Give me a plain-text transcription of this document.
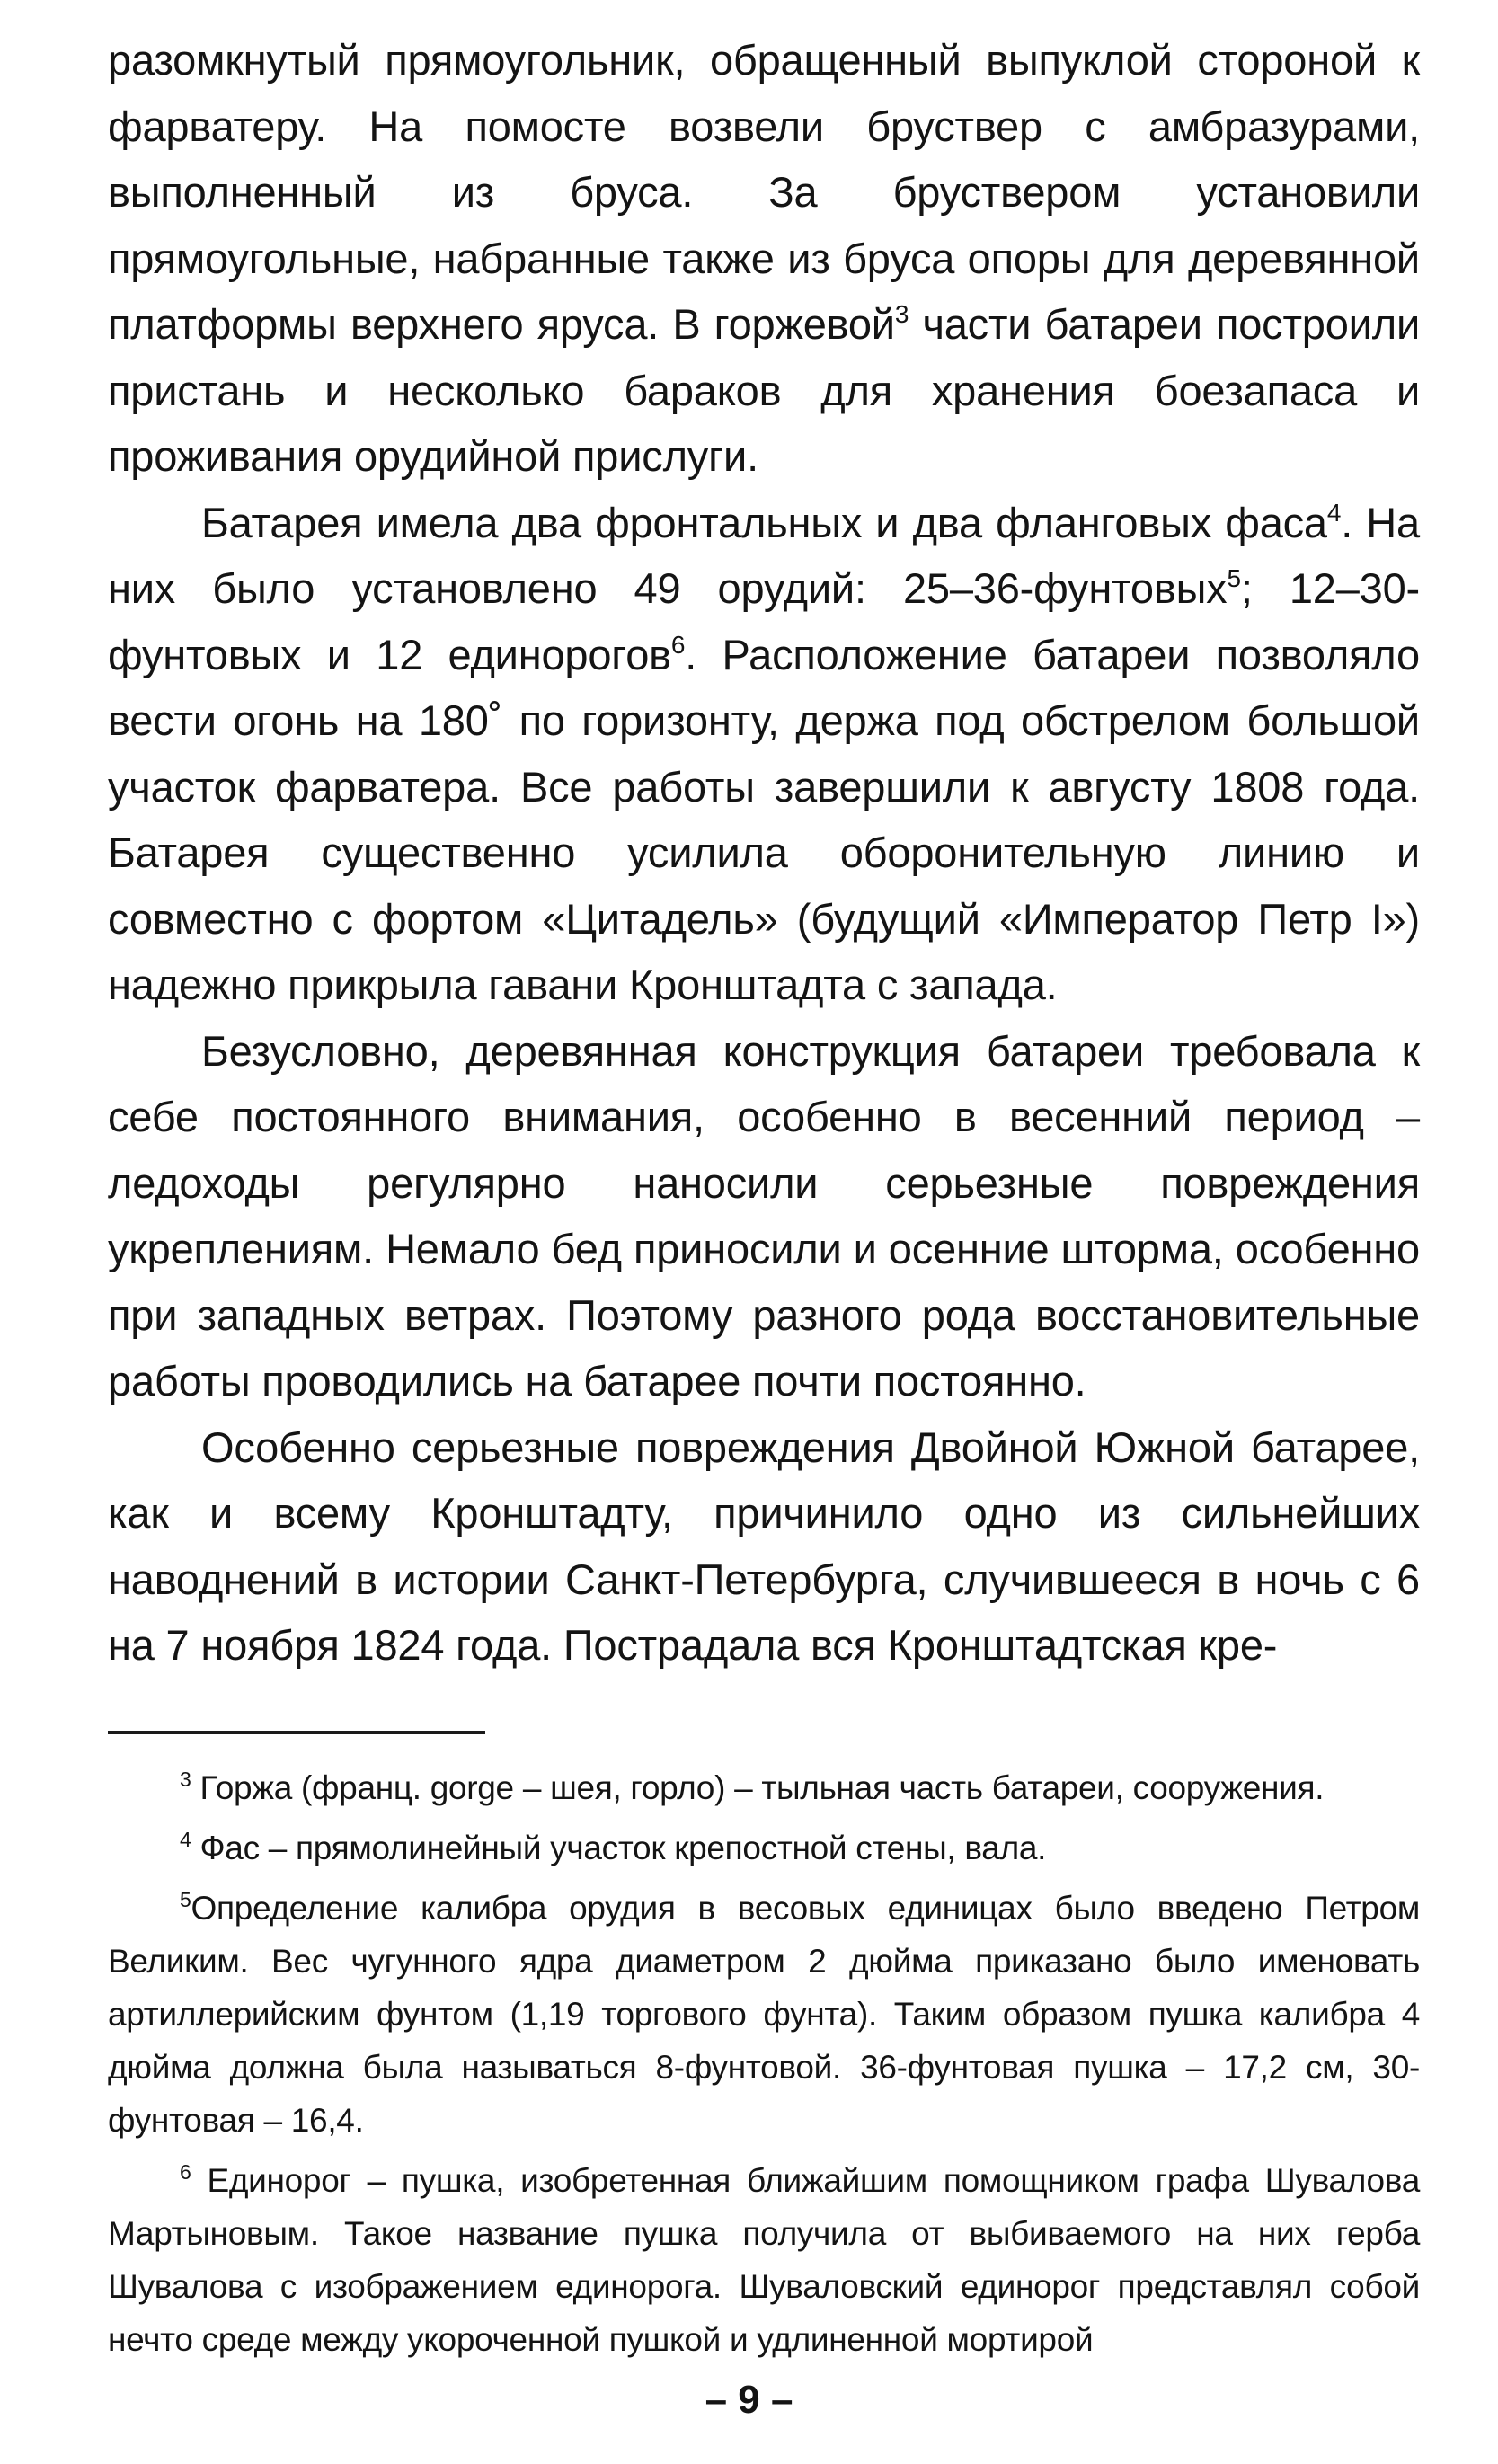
разомкнутый прямоугольник, обращенный выпуклой стороной к фарватеру. На помосте возвели бруствер с амбразурами, выполненный из бруса. За бруствером установили прямоугольные, набранные также из бруса опоры для деревянной платформы верхнего яруса. В горжевой$^3$ части батареи построили пристань и несколько бараков для хранения боезапаса и проживания орудийной прислуги.

Батарея имела два фронтальных и два фланговых фаса$^4$. На них было установлено 49 орудий: 25–36-фунтовых$^5$; 12–30-фунтовых и 12 единорогов$^6$. Расположение батареи позволяло вести огонь на 180˚ по горизонту, держа под обстрелом большой участок фарватера. Все работы завершили к августу 1808 года. Батарея существенно усилила оборонительную линию и совместно с фортом «Цитадель» (будущий «Император Петр I») надежно прикрыла гавани Кронштадта с запада.

Безусловно, деревянная конструкция батареи требовала к себе постоянного внимания, особенно в весенний период – ледоходы регулярно наносили серьезные повреждения укреплениям. Немало бед приносили и осенние шторма, особенно при западных ветрах. Поэтому разного рода восстановительные работы проводились на батарее почти постоянно.

Особенно серьезные повреждения Двойной Южной батарее, как и всему Кронштадту, причинило одно из сильнейших наводнений в истории Санкт-Петербурга, случившееся в ночь с 6 на 7 ноября 1824 года. Пострадала вся Кронштадтская кре-

$^3$ Горжа (франц. gorge – шея, горло) – тыльная часть батареи, сооружения.

$^4$ Фас – прямолинейный участок крепостной стены, вала.

$^5$Определение калибра орудия в весовых единицах было введено Петром Великим. Вес чугунного ядра диаметром 2 дюйма приказано было именовать артиллерийским фунтом (1,19 торгового фунта). Таким образом пушка калибра 4 дюйма должна была называться 8-фунтовой. 36-фунтовая пушка – 17,2 см, 30- фунтовая – 16,4.

$^6$ Единорог – пушка, изобретенная ближайшим помощником графа Шувалова Мартыновым. Такое название пушка получила от выбиваемого на них герба Шувалова с изображением единорога. Шуваловский единорог представлял собой нечто среде между укороченной пушкой и удлиненной мортирой

– 9 –
